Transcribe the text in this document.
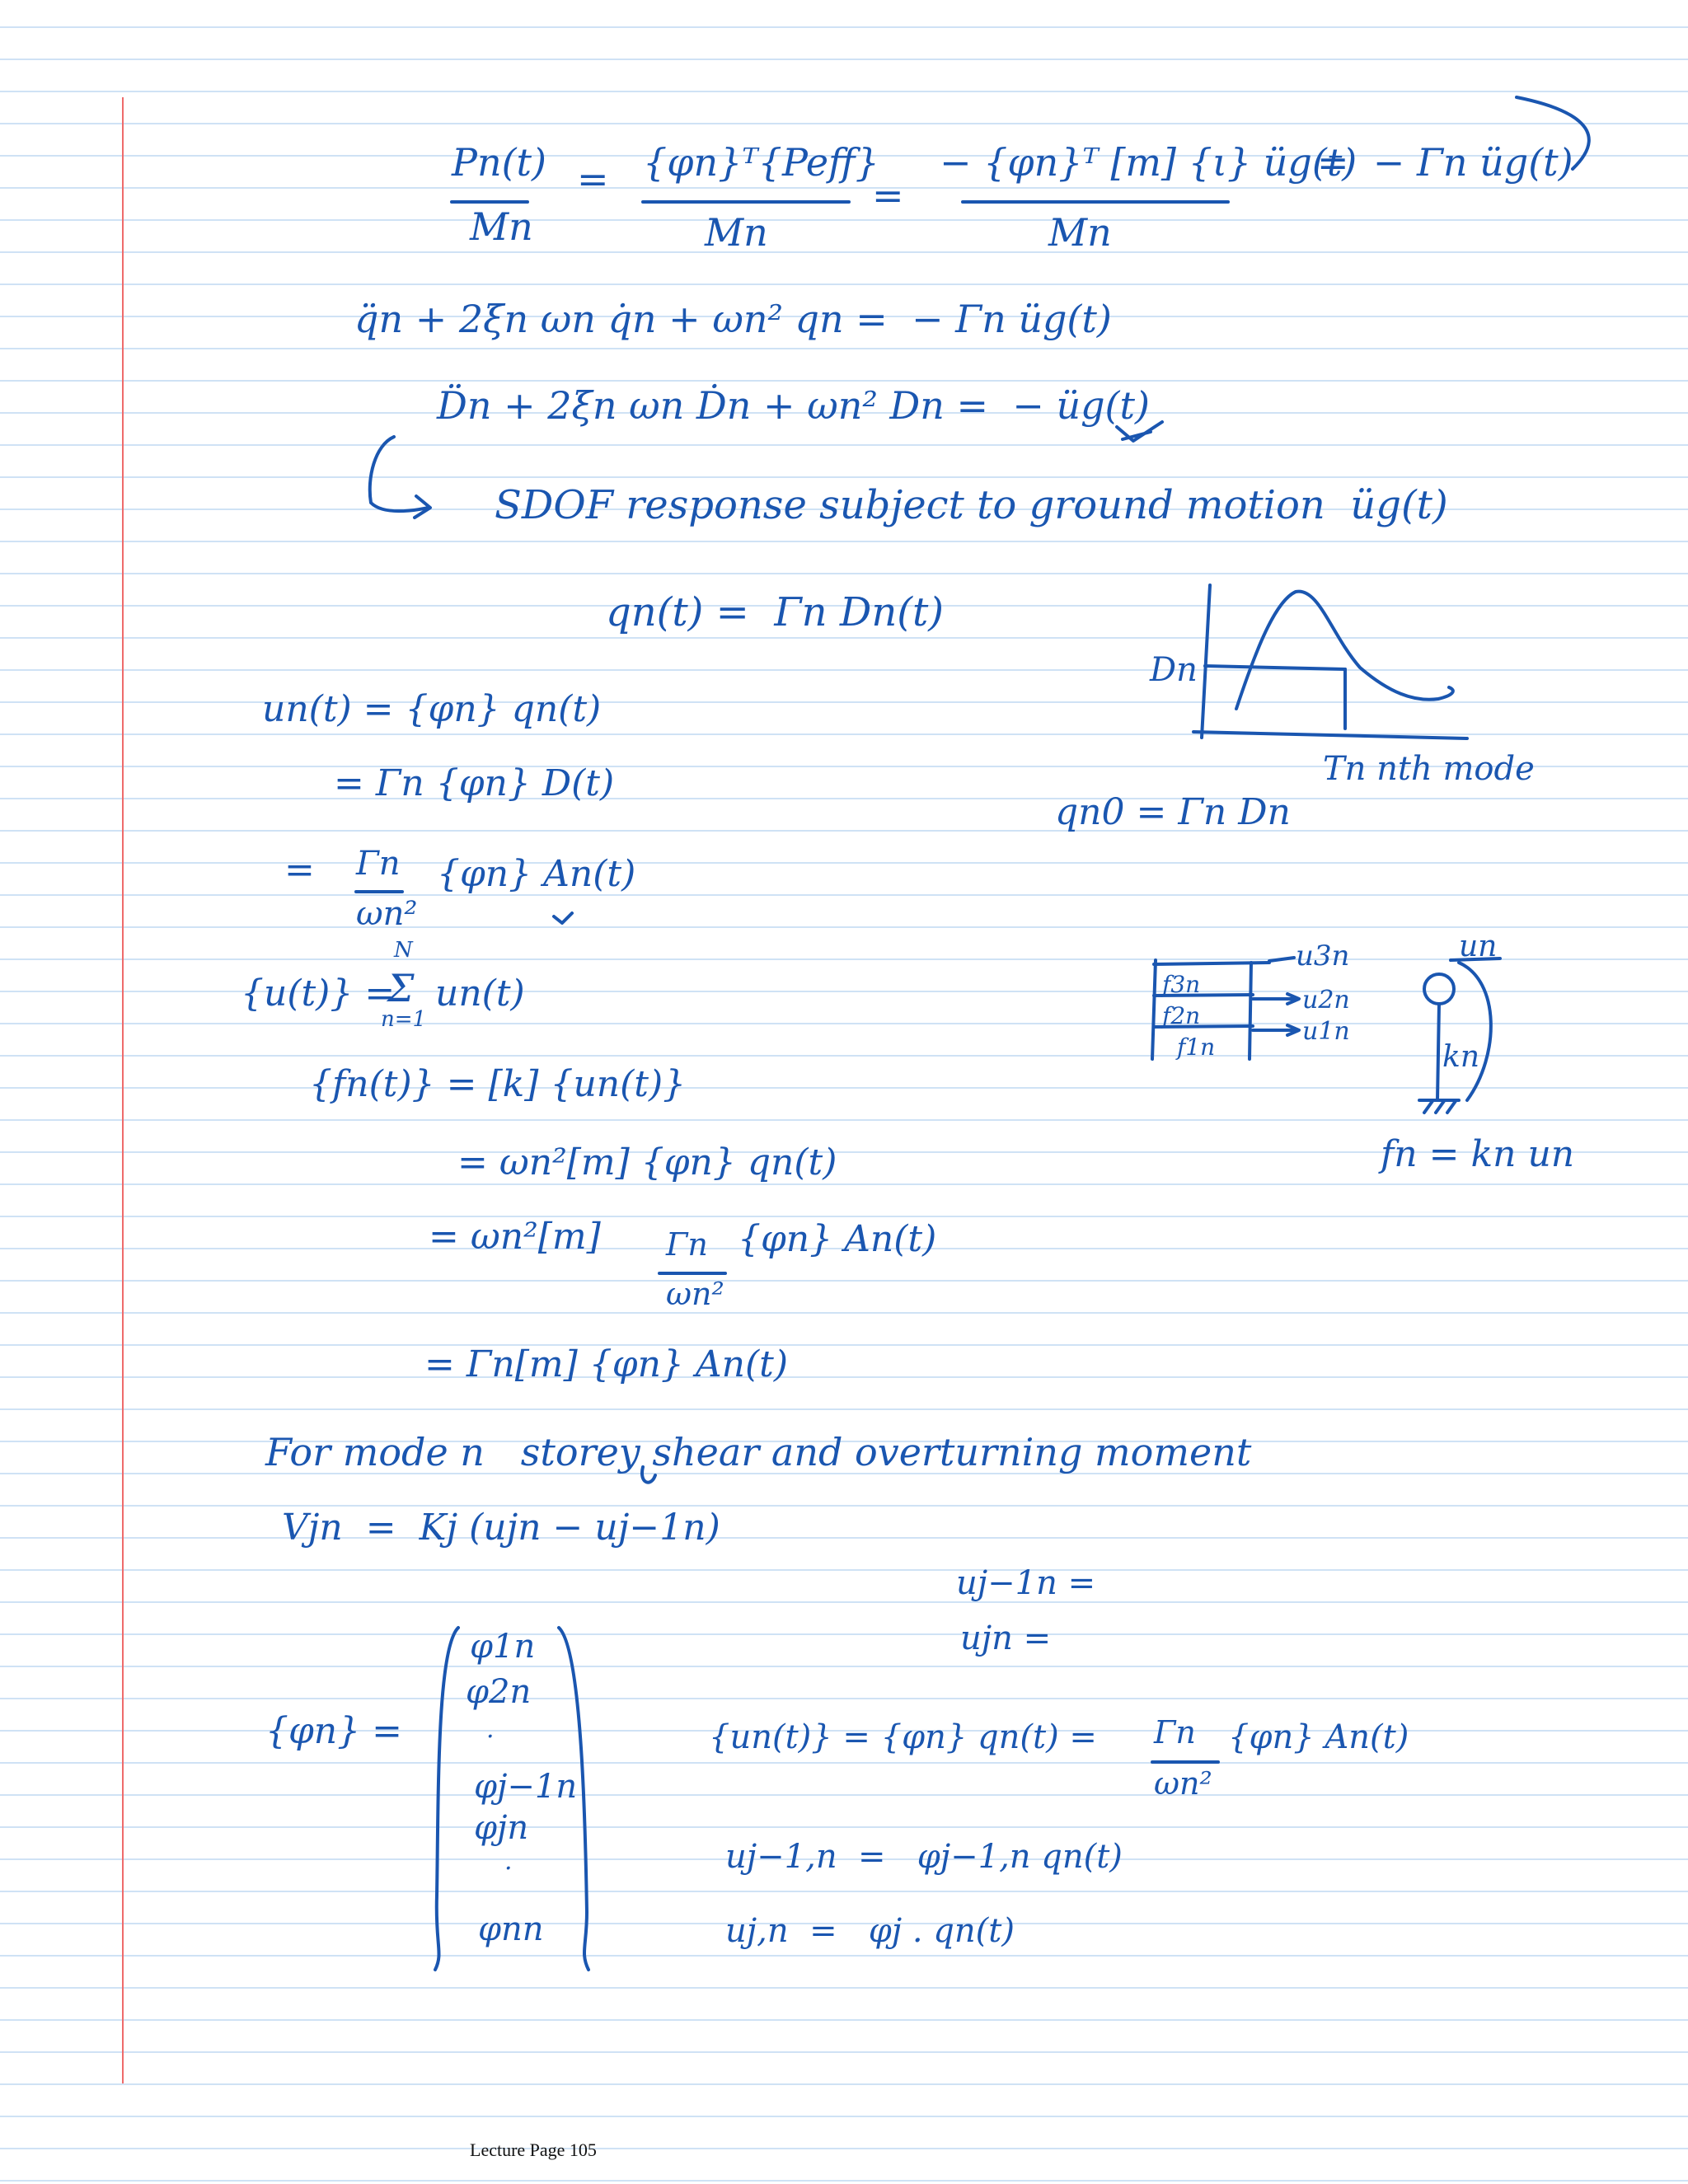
Pn(t)
Mn
= {φn}ᵀ{Peff}
Mn
=
− {φn}ᵀ [m] {ι} üg(t)
Mn
=  − Γn üg(t)
q̈n + 2ξn ωn q̇n + ωn² qn =  − Γn üg(t)
D̈n + 2ξn ωn Ḋn + ωn² Dn =  − üg(t)
SDOF response subject to ground motion  üg(t)
qn(t) =  Γn Dn(t)
Dn
Tn nth mode
qn0 = Γn Dn
un(t) = {φn} qn(t)
= Γn {φn} D(t)
= Γn
ωn²
{φn} An(t)
{u(t)} =
N
Σ
n=1
un(t)
u3n
u2n
u1n
f3n
f2n
f1n
un
kn
fn = kn un
{fn(t)} = [k] {un(t)}
= ωn²[m] {φn} qn(t)
= ωn²[m] Γn
ωn²
{φn} An(t)
= Γn[m] {φn} An(t)
For mode n   storey shear and overturning moment
Vjn  =  Kj (ujn − uj−1n)
uj−1n =
ujn =
{φn} =
φ1n
φ2n
·
φj−1n
φjn
·
φnn
{un(t)} = {φn} qn(t) = Γn
ωn²
{φn} An(t)
uj−1,n  =   φj−1,n qn(t)
uj,n  =   φj . qn(t)
Lecture Page 105
